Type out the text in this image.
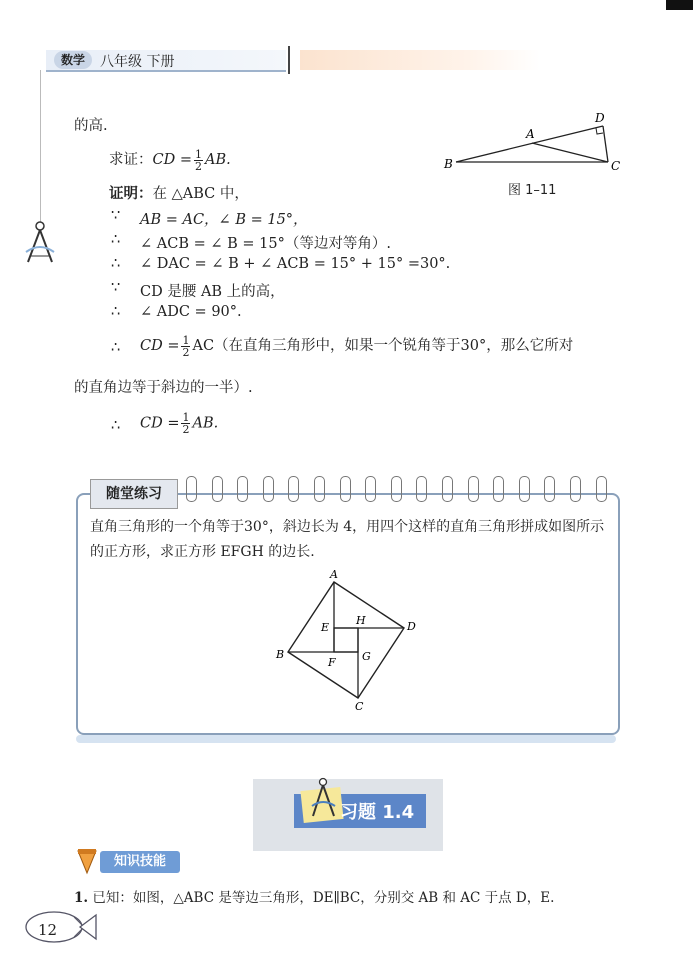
数学	八年级 下册
的高.
求证：CD = $\frac{1}{2}$ AB.
证明：在 △ABC 中，
∵ AB = AC，∠ B = 15°，
∴ ∠ ACB = ∠ B = 15°（等边对等角）.
∴ ∠ DAC = ∠ B + ∠ ACB = 15° + 15° =30°.
∵ CD 是腰 AB 上的高，
∴ ∠ ADC = 90°.
∴ CD = $\frac{1}{2} AC$（在直角三角形中，如果一个锐角等于30°，那么它所对
的直角边等于斜边的一半）.
∴ CD = $\frac{1}{2}$ AB.
B
A
D
C
图 1–11
随堂练习
直角三角形的一个角等于30°，斜边长为 4，用四个这样的直角三角形拼成如图所示
的正方形，求正方形 EFGH 的边长.
A
B
C
D
E
F G
H
习题 1.4
知识技能
1. 已知：如图，△ABC 是等边三角形，DE∥BC，分别交 AB 和 AC 于点 D，E.
12
